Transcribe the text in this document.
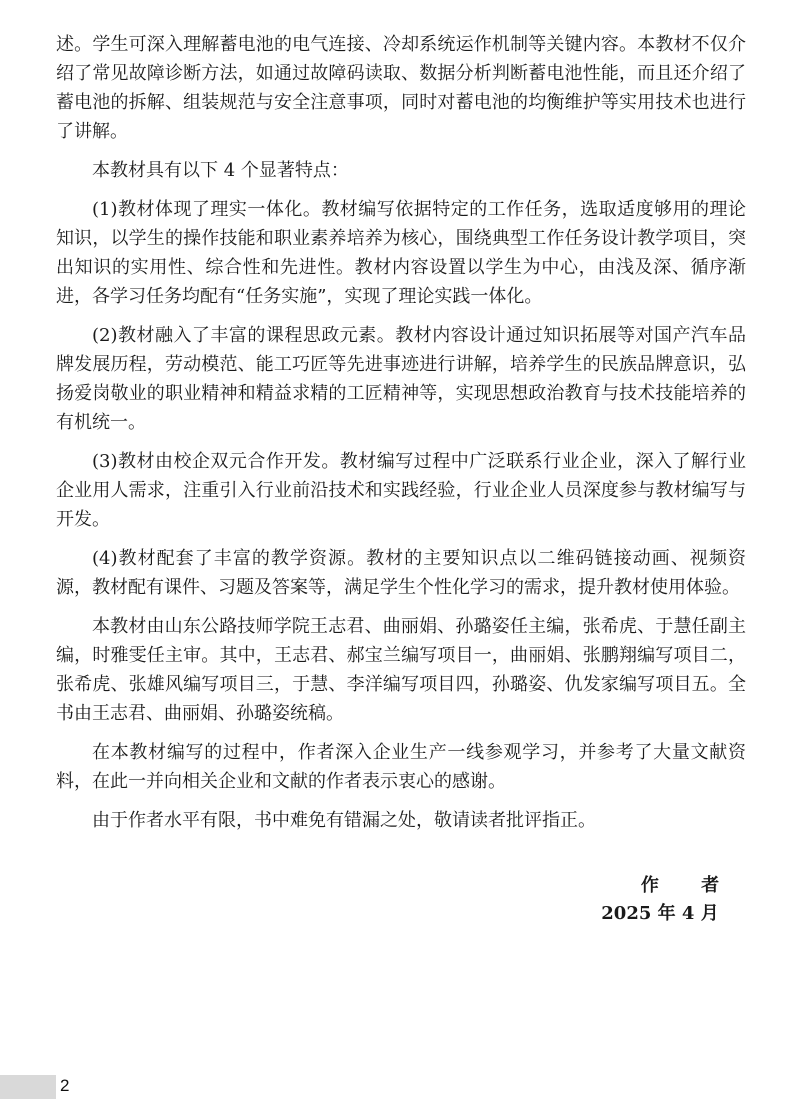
述。学生可深入理解蓄电池的电气连接、冷却系统运作机制等关键内容。本教材不仅介绍了常见故障诊断方法，如通过故障码读取、数据分析判断蓄电池性能，而且还介绍了蓄电池的拆解、组装规范与安全注意事项，同时对蓄电池的均衡维护等实用技术也进行了讲解。

本教材具有以下 4 个显著特点：

(1)教材体现了理实一体化。教材编写依据特定的工作任务，选取适度够用的理论知识，以学生的操作技能和职业素养培养为核心，围绕典型工作任务设计教学项目，突出知识的实用性、综合性和先进性。教材内容设置以学生为中心，由浅及深、循序渐进，各学习任务均配有“任务实施”，实现了理论实践一体化。

(2)教材融入了丰富的课程思政元素。教材内容设计通过知识拓展等对国产汽车品牌发展历程，劳动模范、能工巧匠等先进事迹进行讲解，培养学生的民族品牌意识，弘扬爱岗敬业的职业精神和精益求精的工匠精神等，实现思想政治教育与技术技能培养的有机统一。

(3)教材由校企双元合作开发。教材编写过程中广泛联系行业企业，深入了解行业企业用人需求，注重引入行业前沿技术和实践经验，行业企业人员深度参与教材编写与开发。

(4)教材配套了丰富的教学资源。教材的主要知识点以二维码链接动画、视频资源，教材配有课件、习题及答案等，满足学生个性化学习的需求，提升教材使用体验。

本教材由山东公路技师学院王志君、曲丽娟、孙璐姿任主编，张希虎、于慧任副主编，时雅雯任主审。其中，王志君、郝宝兰编写项目一，曲丽娟、张鹏翔编写项目二，张希虎、张雄风编写项目三，于慧、李洋编写项目四，孙璐姿、仇发家编写项目五。全书由王志君、曲丽娟、孙璐姿统稿。

在本教材编写的过程中，作者深入企业生产一线参观学习，并参考了大量文献资料，在此一并向相关企业和文献的作者表示衷心的感谢。

由于作者水平有限，书中难免有错漏之处，敬请读者批评指正。

作 者
2025 年 4 月
2
